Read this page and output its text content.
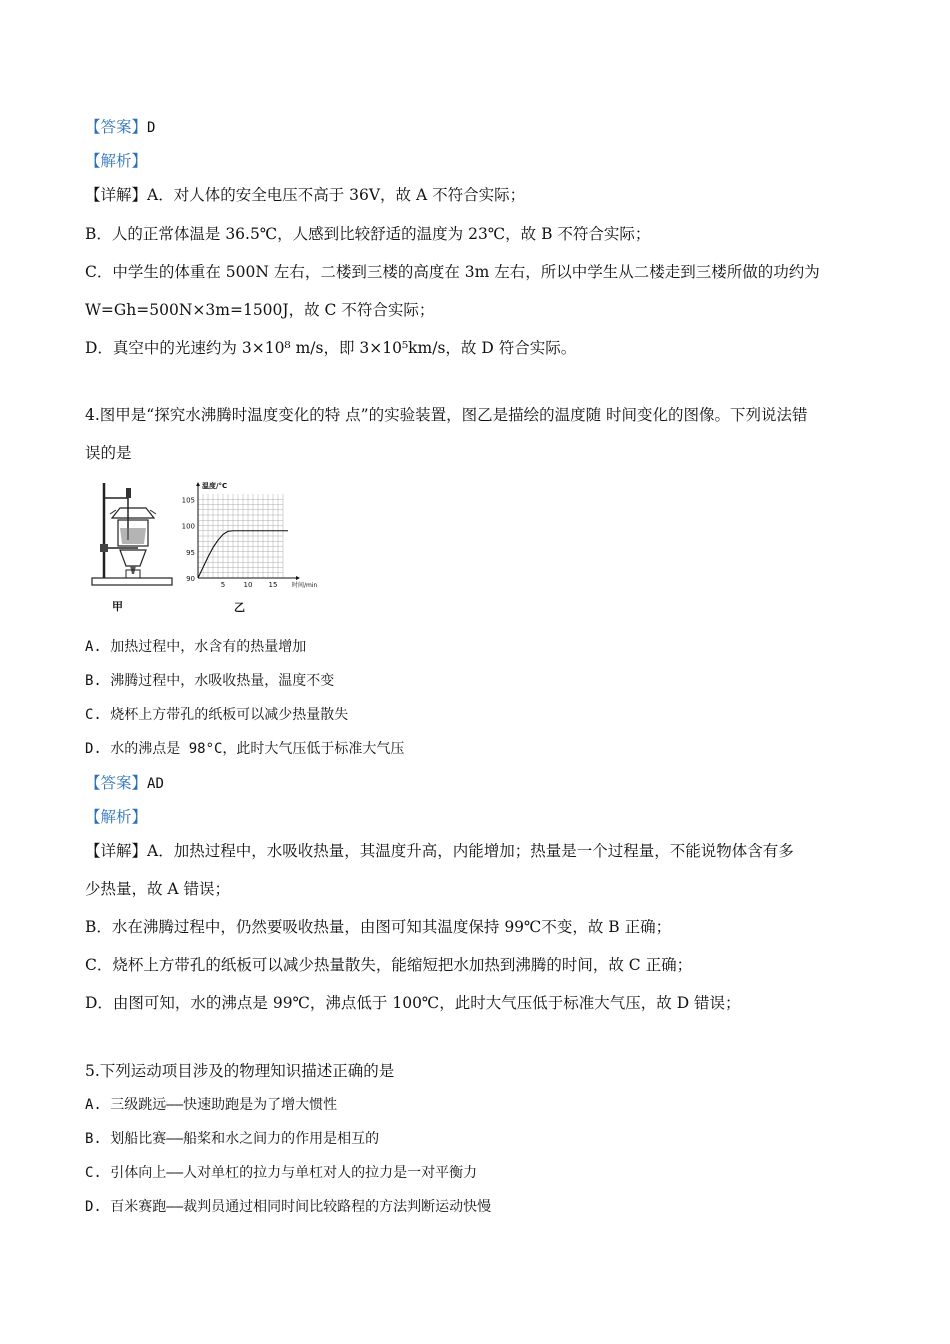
【答案】D
【解析】
【详解】A．对人体的安全电压不高于 36V，故 A 不符合实际；
B．人的正常体温是 36.5℃，人感到比较舒适的温度为 23℃，故 B 不符合实际；
C．中学生的体重在 500N 左右，二楼到三楼的高度在 3m 左右，所以中学生从二楼走到三楼所做的功约为
W=Gh=500N×3m=1500J，故 C 不符合实际；
D．真空中的光速约为 3×10⁸ m/s，即 3×10⁵km/s，故 D 符合实际。
4.图甲是“探究水沸腾时温度变化的特 点”的实验装置，图乙是描绘的温度随 时间变化的图像。下列说法错
误的是
甲
105
100
95
90
5	10 15
温度/°C
时间/min
乙
A. 加热过程中，水含有的热量增加
B. 沸腾过程中，水吸收热量，温度不变
C. 烧杯上方带孔的纸板可以减少热量散失
D. 水的沸点是 98°C，此时大气压低于标准大气压
【答案】AD
【解析】
【详解】A．加热过程中，水吸收热量，其温度升高，内能增加；热量是一个过程量，不能说物体含有多
少热量，故 A 错误；
B．水在沸腾过程中，仍然要吸收热量，由图可知其温度保持 99℃不变，故 B 正确；
C．烧杯上方带孔的纸板可以减少热量散失，能缩短把水加热到沸腾的时间，故 C 正确；
D．由图可知，水的沸点是 99℃，沸点低于 100℃，此时大气压低于标准大气压，故 D 错误；
5.下列运动项目涉及的物理知识描述正确的是
A. 三级跳远——快速助跑是为了增大惯性
B. 划船比赛——船桨和水之间力的作用是相互的
C. 引体向上——人对单杠的拉力与单杠对人的拉力是一对平衡力
D. 百米赛跑——裁判员通过相同时间比较路程的方法判断运动快慢
